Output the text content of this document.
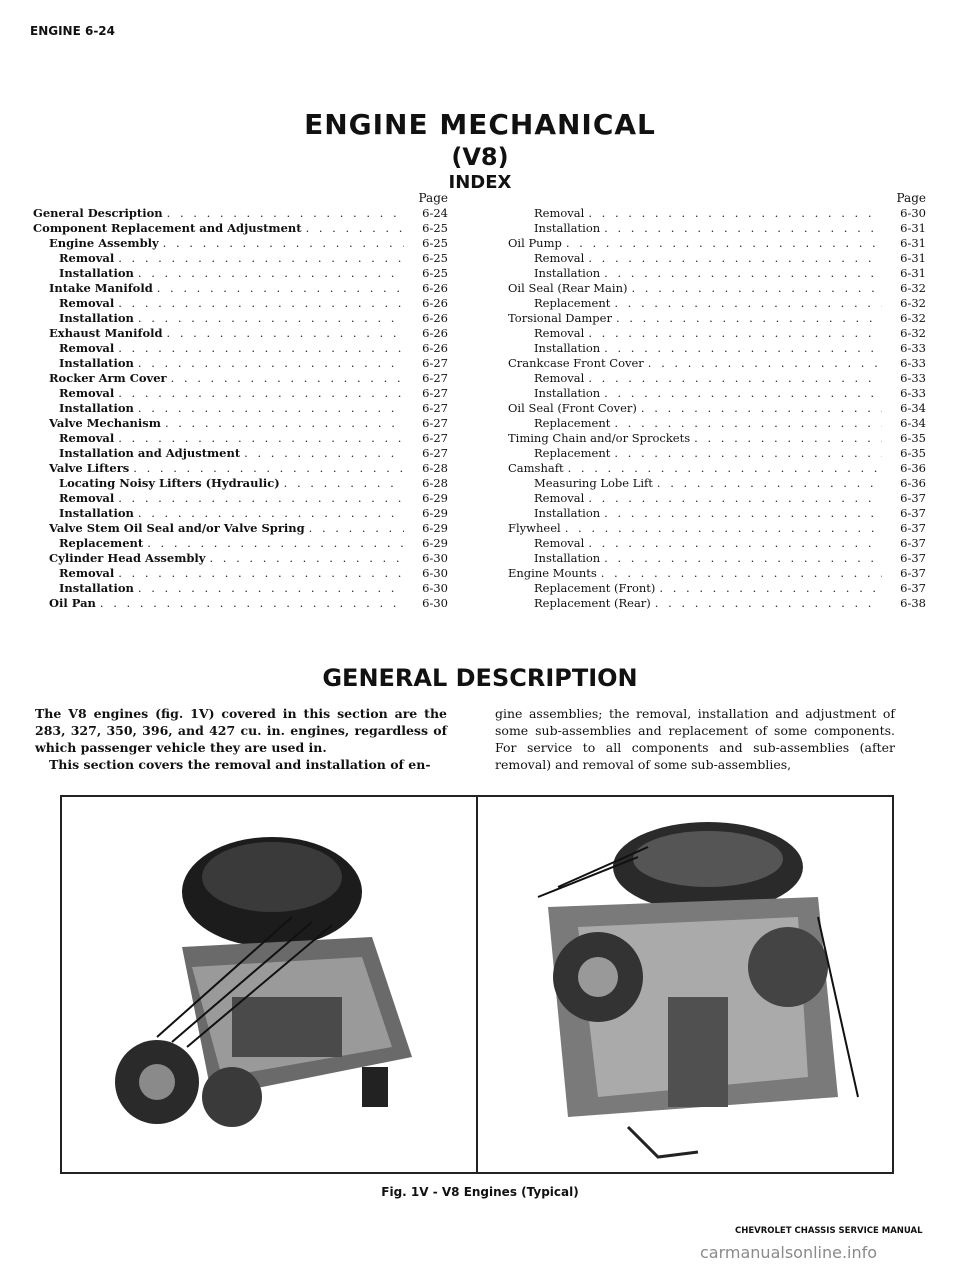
ENGINE 6-24
ENGINE MECHANICAL
(V8)
INDEX
Page
General Description . . .	6-24
Component Replacement and Adjustment . . .	6-25
Engine Assembly . . .	6-25
Removal . . .	6-25
Installation . . .	6-25
Intake Manifold . . .	6-26
Removal . . .	6-26
Installation . . .	6-26
Exhaust Manifold . . .	6-26
Removal . . .	6-26
Installation . . .	6-27
Rocker Arm Cover . . .	6-27
Removal . . .	6-27
Installation . . .	6-27
Valve Mechanism . . .	6-27
Removal . . .	6-27
Installation and Adjustment . . .	6-27
Valve Lifters . . .	6-28
Locating Noisy Lifters (Hydraulic) . . .	6-28
Removal . . .	6-29
Installation . . .	6-29
Valve Stem Oil Seal and/or Valve Spring . . .	6-29
Replacement . . .	6-29
Cylinder Head Assembly . . .	6-30
Removal . . .	6-30
Installation . . .	6-30
Oil Pan . . .	6-30
Page
Removal . . .	6-30
Installation . . .	6-31
Oil Pump . . .	6-31
Removal . . .	6-31
Installation . . .	6-31
Oil Seal (Rear Main) . . .	6-32
Replacement . . .	6-32
Torsional Damper . . .	6-32
Removal . . .	6-32
Installation . . .	6-33
Crankcase Front Cover . . .	6-33
Removal . . .	6-33
Installation . . .	6-33
Oil Seal (Front Cover) . . .	6-34
Replacement . . .	6-34
Timing Chain and/or Sprockets . . .	6-35
Replacement . . .	6-35
Camshaft . . .	6-36
Measuring Lobe Lift . . .	6-36
Removal . . .	6-37
Installation . . .	6-37
Flywheel . . .	6-37
Removal . . .	6-37
Installation . . .	6-37
Engine Mounts . . .	6-37
Replacement (Front) . . .	6-37
Replacement (Rear) . . .	6-38
GENERAL DESCRIPTION

The V8 engines (fig. 1V) covered in this section are the 283, 327, 350, 396, and 427 cu. in. engines, regardless of which passenger vehicle they are used in.

This section covers the removal and installation of en-

gine assemblies; the removal, installation and adjustment of some sub-assemblies and replacement of some components. For service to all components and sub-assemblies (after removal) and removal of some sub-assemblies,

Fig. 1V - V8 Engines (Typical)
CHEVROLET CHASSIS SERVICE MANUAL
carmanualsonline.info
